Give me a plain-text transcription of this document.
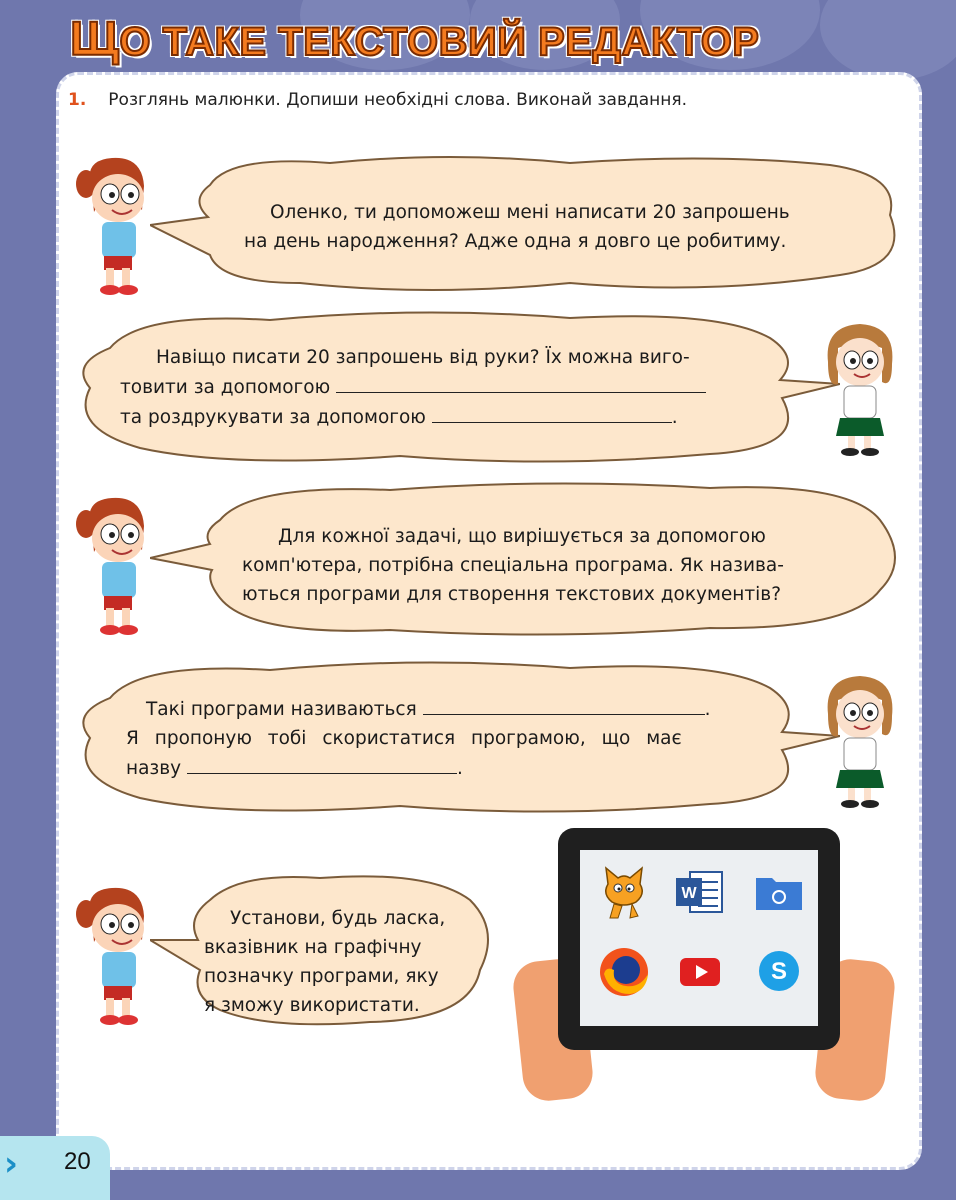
ЩО ТАКЕ ТЕКСТОВИЙ РЕДАКТОР

1. Розглянь малюнки. Допиши необхідні слова. Виконай завдання.

Оленко, ти допоможеш мені написати 20 запрошень
на день народження? Адже одна я довго це робитиму.

Навіщо писати 20 запрошень від руки? Їх можна виго-
товити за допомогою
та роздрукувати за допомогою	.

Для кожної задачі, що вирішується за допомогою
комп'ютера, потрібна спеціальна програма. Як назива-
ються програми для створення текстових документів?

Такі програми називаються	.
Я пропоную тобі скористатися програмою, що має
назву	.

Установи, будь ласка,
вказівник на графічну
позначку програми, яку
я зможу використати.

W
S
› 20
